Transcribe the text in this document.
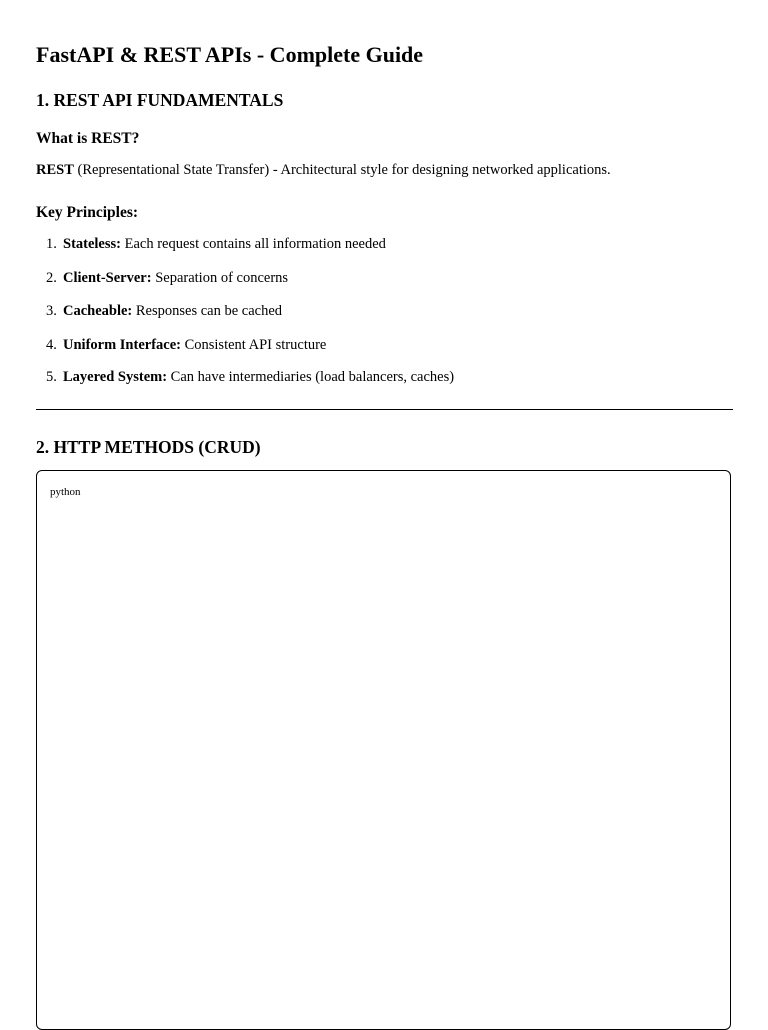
FastAPI & REST APIs - Complete Guide
1. REST API FUNDAMENTALS
What is REST?

REST (Representational State Transfer) - Architectural style for designing networked applications.

Key Principles:

1. Stateless: Each request contains all information needed

2. Client-Server: Separation of concerns

3. Cacheable: Responses can be cached

4. Uniform Interface: Consistent API structure

5. Layered System: Can have intermediaries (load balancers, caches)

2. HTTP METHODS (CRUD)
python
